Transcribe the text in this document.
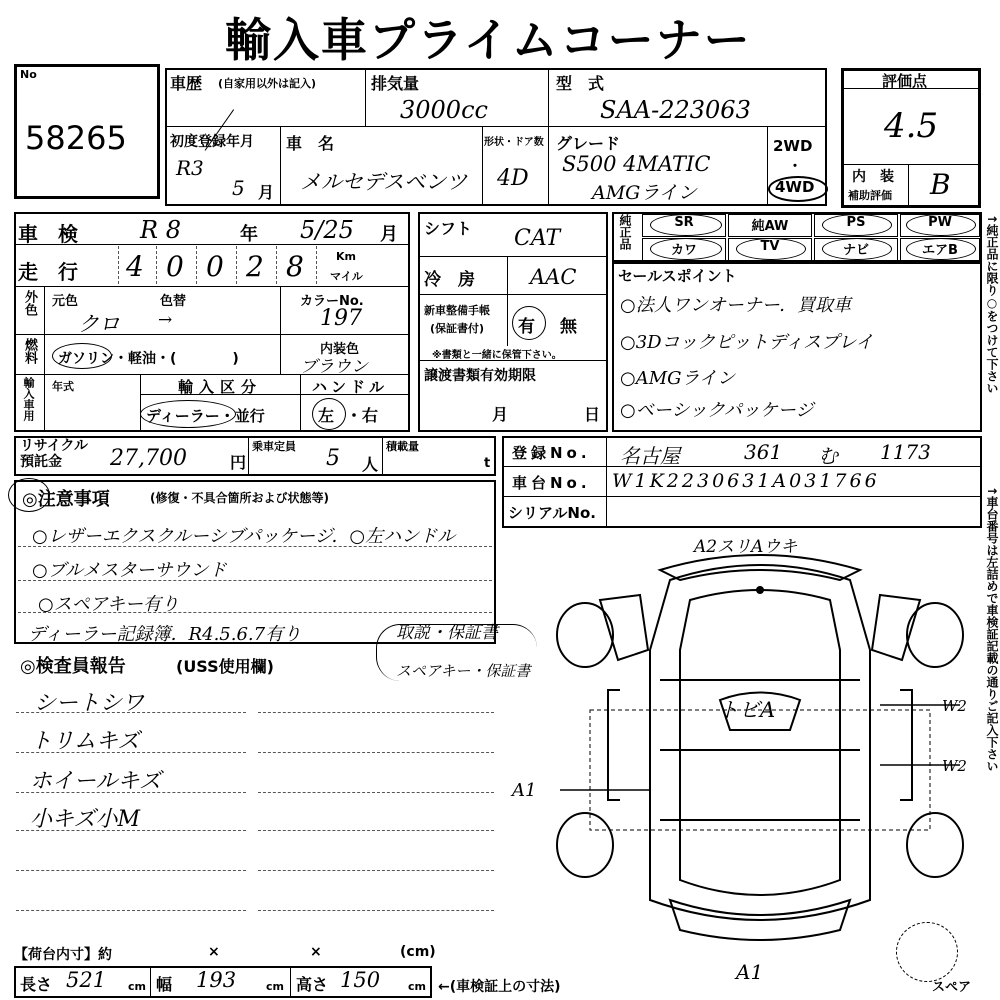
輸入車プライムコーナー
No
58265
車歴 (自家用以外は記入)	排気量
3000cc
型　式
SAA-223063
初度登録年月
R3
5 月
車　名
メルセデスベンツ
形状・ドア数
4D
グレード
S500 4MATIC
AMGライン
2WD
・
4WD
評価点
4.5
内　装
補助評価 B
車　検	R 8	年 5/25 月
走　行 4 0 0 2 8	Km
マイル
外色 元色	色替	カラーNo.
クロ →	197
燃料 ガソリン・軽油・(　　　　)
内装色
ブラウン
輸入車用 年式	輸入区分	ハンドル
ディーラー・並行	左 ・右
シフト CAT
冷　房	AAC
新車整備手帳
(保証書付) 有 無
※書類と一緒に保管下さい。
譲渡書類有効期限
月	日
純正品	SR	純AW	PS	PW
カワ	TV	ナビ	エアB
セールスポイント
○法人ワンオーナー．買取車
○3Dコックピットディスプレイ
○AMGライン
○ベーシックパッケージ
リサイクル預託金	27,700	円
乗車定員 5 人
積載量
t
登録No. 名古屋	361 む 1173
車台No. W1K2230631A031766
シリアルNo.
◎注意事項	(修復・不具合箇所および状態等)
○レザーエクスクルーシブパッケージ．○左ハンドル
○ブルメスターサウンド
○スペアキー有り
ディーラー記録簿．R4.5.6.7有り	取説・保証書
スペアキー・保証書
◎検査員報告	(USS使用欄)
シートシワ
トリムキズ
ホイールキズ
小キズ小M
A2スリAウキ
トビA
A1
W2
W2
A1
スペア
【荷台内寸】約	×	×	(cm)
長さ 521 cm 幅 193	cm 高さ 150	cm ←(車検証上の寸法)
↑純正品に限り○をつけて下さい
↑車台番号は左詰めで車検証記載の通りご記入下さい
